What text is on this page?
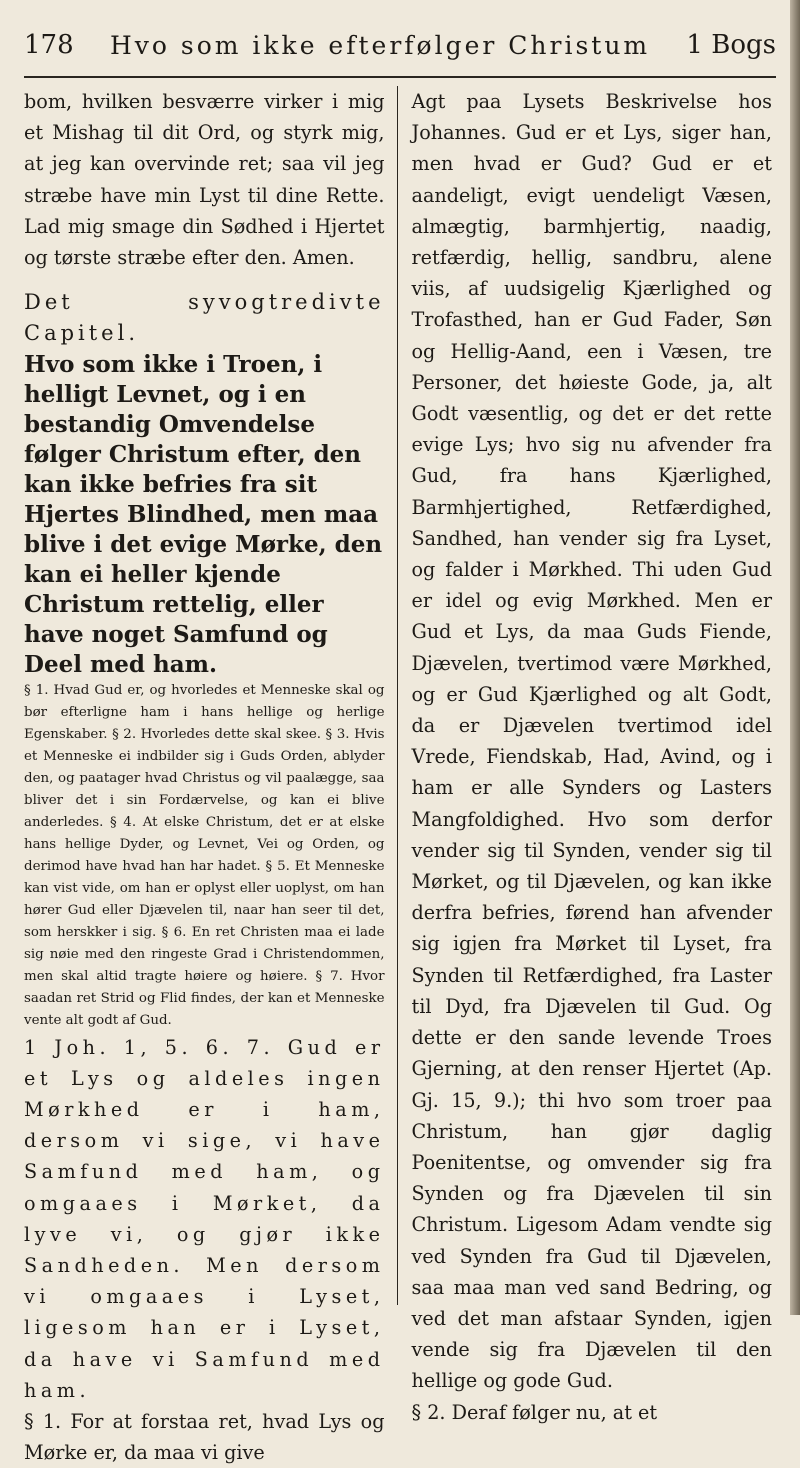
178 Hvo som ikke efterfølger Christum 1 Bogs

bom, hvilken besværre virker i mig et Mishag til dit Ord, og styrk mig, at jeg kan overvinde ret; saa vil jeg stræbe have min Lyst til dine Rette. Lad mig smage din Sødhed i Hjertet og tørste stræbe efter den. Amen.

Det syvogtredivte Capitel.

Hvo som ikke i Troen, i helligt Levnet, og i en bestandig Omvendelse følger Christum efter, den kan ikke befries fra sit Hjertes Blindhed, men maa blive i det evige Mørke, den kan ei heller kjende Christum rettelig, eller have noget Samfund og Deel med ham.

§ 1. Hvad Gud er, og hvorledes et Menneske skal og bør efterligne ham i hans hellige og herlige Egenskaber. § 2. Hvorledes dette skal skee. § 3. Hvis et Menneske ei indbilder sig i Guds Orden, ablyder den, og paatager hvad Christus og vil paalægge, saa bliver det i sin Fordærvelse, og kan ei blive anderledes. § 4. At elske Christum, det er at elske hans hellige Dyder, og Levnet, Vei og Orden, og derimod have hvad han har hadet. § 5. Et Menneske kan vist vide, om han er oplyst eller uoplyst, om han hører Gud eller Djævelen til, naar han seer til det, som herskker i sig. § 6. En ret Christen maa ei lade sig nøie med den ringeste Grad i Christendommen, men skal altid tragte høiere og høiere. § 7. Hvor saadan ret Strid og Flid findes, der kan et Menneske vente alt godt af Gud.

1 Joh. 1, 5. 6. 7. Gud er et Lys og aldeles ingen Mørkhed er i ham, dersom vi sige, vi have Samfund med ham, og omgaaes i Mørket, da lyve vi, og gjør ikke Sandheden. Men dersom vi omgaaes i Lyset, ligesom han er i Lyset, da have vi Samfund med ham.

§ 1. For at forstaa ret, hvad Lys og Mørke er, da maa vi give

Agt paa Lysets Beskrivelse hos Johannes. Gud er et Lys, siger han, men hvad er Gud? Gud er et aandeligt, evigt uendeligt Væsen, almægtig, barmhjertig, naadig, retfærdig, hellig, sandbru, alene viis, af uudsigelig Kjærlighed og Trofasthed, han er Gud Fader, Søn og Hellig-Aand, een i Væsen, tre Personer, det høieste Gode, ja, alt Godt væsentlig, og det er det rette evige Lys; hvo sig nu afvender fra Gud, fra hans Kjærlighed, Barmhjertighed, Retfærdighed, Sandhed, han vender sig fra Lyset, og falder i Mørkhed. Thi uden Gud er idel og evig Mørkhed. Men er Gud et Lys, da maa Guds Fiende, Djævelen, tvertimod være Mørkhed, og er Gud Kjærlighed og alt Godt, da er Djævelen tvertimod idel Vrede, Fiendskab, Had, Avind, og i ham er alle Synders og Lasters Mangfoldighed. Hvo som derfor vender sig til Synden, vender sig til Mørket, og til Djævelen, og kan ikke derfra befries, førend han afvender sig igjen fra Mørket til Lyset, fra Synden til Retfærdighed, fra Laster til Dyd, fra Djævelen til Gud. Og dette er den sande levende Troes Gjerning, at den renser Hjertet (Ap. Gj. 15, 9.); thi hvo som troer paa Christum, han gjør daglig Poenitentse, og omvender sig fra Synden og fra Djævelen til sin Christum. Ligesom Adam vendte sig ved Synden fra Gud til Djævelen, saa maa man ved sand Bedring, og ved det man afstaar Synden, igjen vende sig fra Djævelen til den hellige og gode Gud.

§ 2. Deraf følger nu, at et
